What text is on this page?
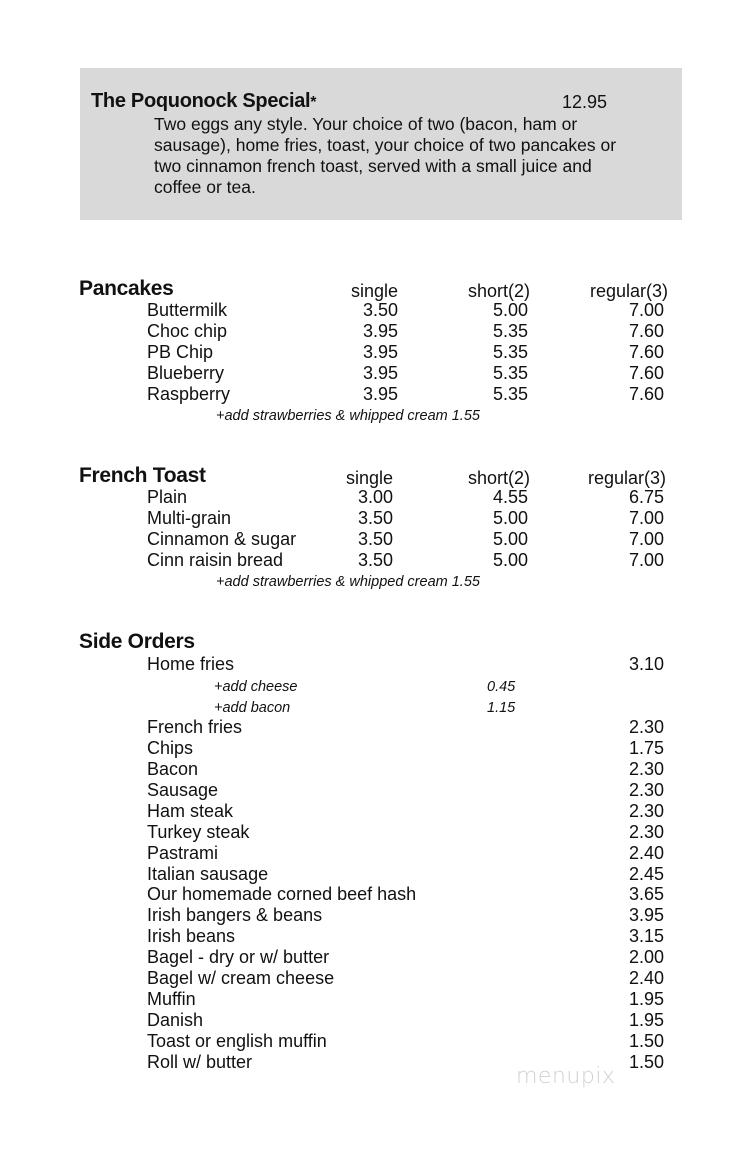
The Poquonock Special*	12.95
Two eggs any style. Your choice of two (bacon, ham or sausage), home fries, toast, your choice of two pancakes or two cinnamon french toast, served with a small juice and coffee or tea.
Pancakes	single	short(2)	regular(3)
Buttermilk	3.50	5.00	7.00
Choc chip	3.95	5.35	7.60
PB Chip	3.95	5.35	7.60
Blueberry	3.95	5.35	7.60
Raspberry	3.95	5.35	7.60
+add strawberries & whipped cream 1.55
French Toast	single	short(2)	regular(3)
Plain	3.00	4.55	6.75
Multi-grain	3.50	5.00	7.00
Cinnamon & sugar	3.50	5.00	7.00
Cinn raisin bread	3.50	5.00	7.00
+add strawberries & whipped cream 1.55
Side Orders
Home fries	3.10
+add cheese	0.45
+add bacon	1.15
French fries	2.30
Chips	1.75
Bacon	2.30
Sausage	2.30
Ham steak	2.30
Turkey steak	2.30
Pastrami	2.40
Italian sausage	2.45
Our homemade corned beef hash	3.65
Irish bangers & beans	3.95
Irish beans	3.15
Bagel - dry or w/ butter	2.00
Bagel w/ cream cheese	2.40
Muffin	1.95
Danish	1.95
Toast or english muffin	1.50
Roll w/ butter	1.50
menupix
